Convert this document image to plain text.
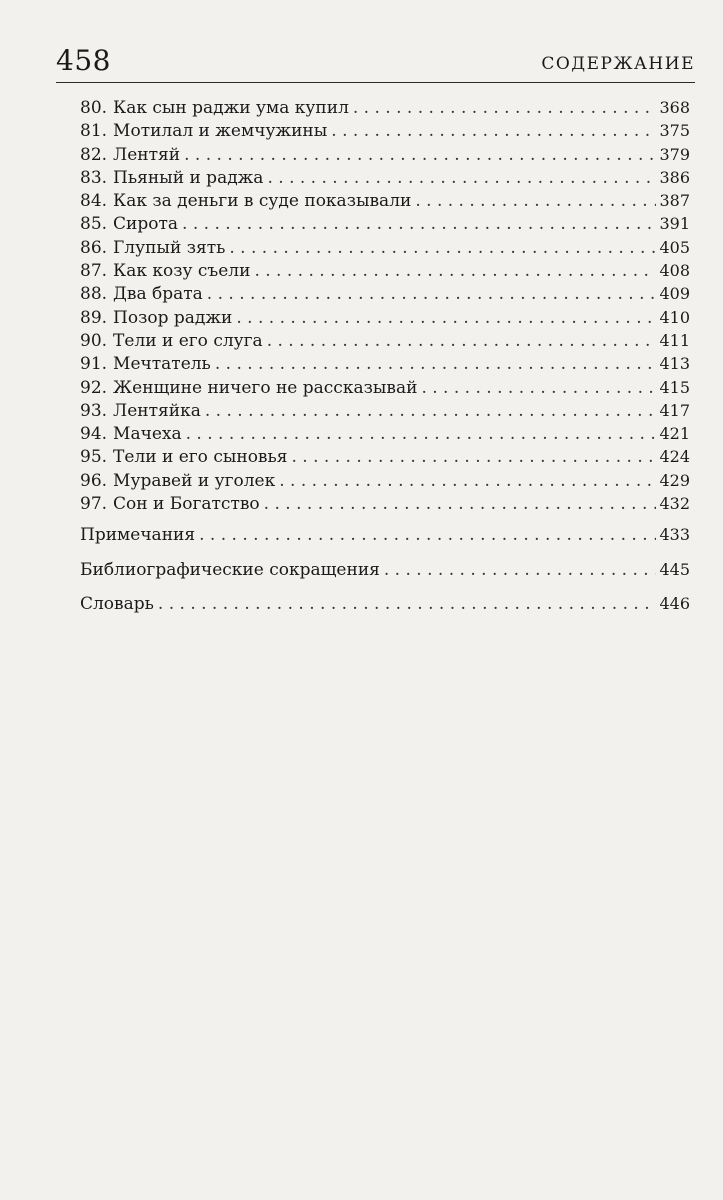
458	СОДЕРЖАНИЕ
80. Как сын раджи ума купил . . .	368
81. Мотилал и жемчужины . . .	375
82. Лентяй . . .	379
83. Пьяный и раджа . . .	386
84. Как за деньги в суде показывали . . .	387
85. Сирота . . .	391
86. Глупый зять . . .	405
87. Как козу съели . . .	408
88. Два брата . . .	409
89. Позор раджи . . .	410
90. Тели и его слуга . . .	411
91. Мечтатель . . .	413
92. Женщине ничего не рассказывай . . .	415
93. Лентяйка . . .	417
94. Мачеха . . .	421
95. Тели и его сыновья . . .	424
96. Муравей и уголек . . .	429
97. Сон и Богатство . . .	432
Примечания . . .	433
Библиографические сокращения . . .	445
Словарь . . .	446
